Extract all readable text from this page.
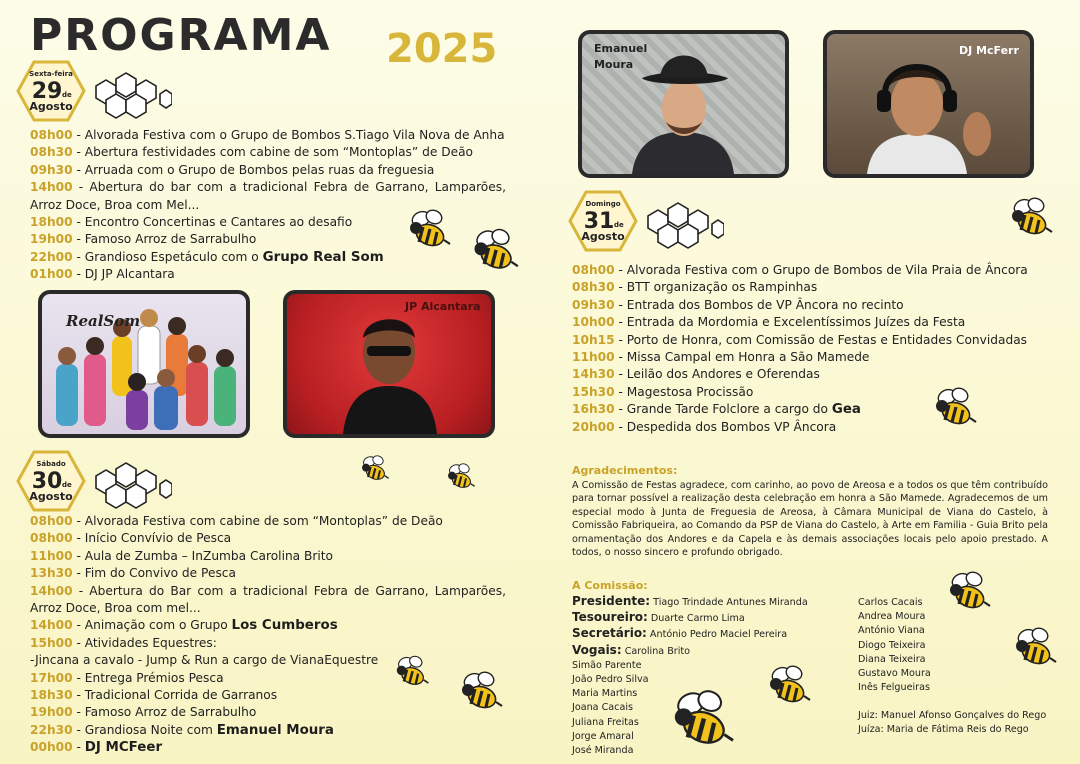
PROGRAMA 2025
Sexta-feira
29 de
Agosto
08h00 - Alvorada Festiva com o Grupo de Bombos S.Tiago Vila Nova de Anha
08h30 - Abertura festividades com cabine de som “Montoplas” de Deão
09h30 - Arruada com o Grupo de Bombos pelas ruas da freguesia
14h00 - Abertura do bar com a tradicional Febra de Garrano, Lamparões, Arroz Doce, Broa com Mel...
18h00 - Encontro Concertinas e Cantares ao desafio
19h00 - Famoso Arroz de Sarrabulho
22h00 - Grandioso Espetáculo com o Grupo Real Som
01h00 - DJ JP Alcantara
RealSom
JP Alcantara
Sábado
30 de
Agosto
08h00 - Alvorada Festiva com cabine de som “Montoplas” de Deão
08h00 - Início Convívio de Pesca
11h00 - Aula de Zumba – InZumba Carolina Brito
13h30 - Fim do Convivo de Pesca
14h00 - Abertura do Bar com a tradicional Febra de Garrano, Lamparões, Arroz Doce, Broa com mel...
14h00 - Animação com o Grupo Los Cumberos
15h00 - Atividades Equestres:
-Jincana a cavalo - Jump & Run a cargo de VianaEquestre
17h00 - Entrega Prémios Pesca
18h30 - Tradicional Corrida de Garranos
19h00 - Famoso Arroz de Sarrabulho
22h30 - Grandiosa Noite com Emanuel Moura
00h00 - DJ MCFeer
Emanuel
Moura
DJ McFerr
Domingo
31 de
Agosto
08h00 - Alvorada Festiva com o Grupo de Bombos de Vila Praia de Âncora
08h30 - BTT organização os Rampinhas
09h30 - Entrada dos Bombos de VP Âncora no recinto
10h00 - Entrada da Mordomia e Excelentíssimos Juízes da Festa
10h15 - Porto de Honra, com Comissão de Festas e Entidades Convidadas
11h00 - Missa Campal em Honra a São Mamede
14h30 - Leilão dos Andores e Oferendas
15h30 - Magestosa Procissão
16h30 - Grande Tarde Folclore a cargo do Gea
20h00 - Despedida dos Bombos VP Âncora
Agradecimentos:
A Comissão de Festas agradece, com carinho, ao povo de Areosa e a todos os que têm contribuído para tornar possível a realização desta celebração em honra a São Mamede. Agradecemos de um especial modo à Junta de Freguesia de Areosa, à Câmara Municipal de Viana do Castelo, à Comissão Fabriqueira, ao Comando da PSP de Viana do Castelo, à Arte em Familia - Guia Brito pela ornamentação dos Andores e da Capela e às demais associações locais pelo apoio prestado. A todos, o nosso sincero e profundo obrigado.
A Comissão:
Presidente: Tiago Trindade Antunes Miranda
Tesoureiro: Duarte Carmo Lima
Secretário: António Pedro Maciel Pereira
Vogais: Carolina Brito
Simão Parente
João Pedro Silva
Maria Martins
Joana Cacais
Juliana Freitas
Jorge Amaral
José Miranda
Carlos Cacais
Andrea Moura
António Viana
Diogo Teixeira
Diana Teixeira
Gustavo Moura
Inês Felgueiras
Juiz: Manuel Afonso Gonçalves do Rego
Juíza: Maria de Fátima Reis do Rego
